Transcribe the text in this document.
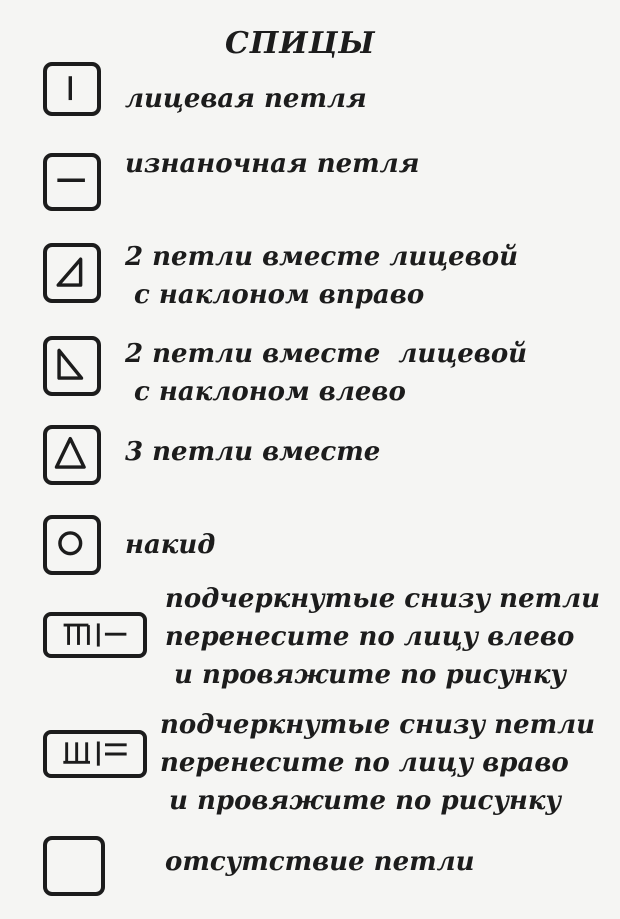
СПИЦЫ
лицевая петля
изнаночная петля
2 петли вместе лицевой
с наклоном вправо
2 петли вместе  лицевой
с наклоном влево
3 петли вместе
накид
подчеркнутые снизу петли
перенесите по лицу влево
и провяжите по рисунку
подчеркнутые снизу петли
перенесите по лицу враво
и провяжите по рисунку
отсутствие петли
